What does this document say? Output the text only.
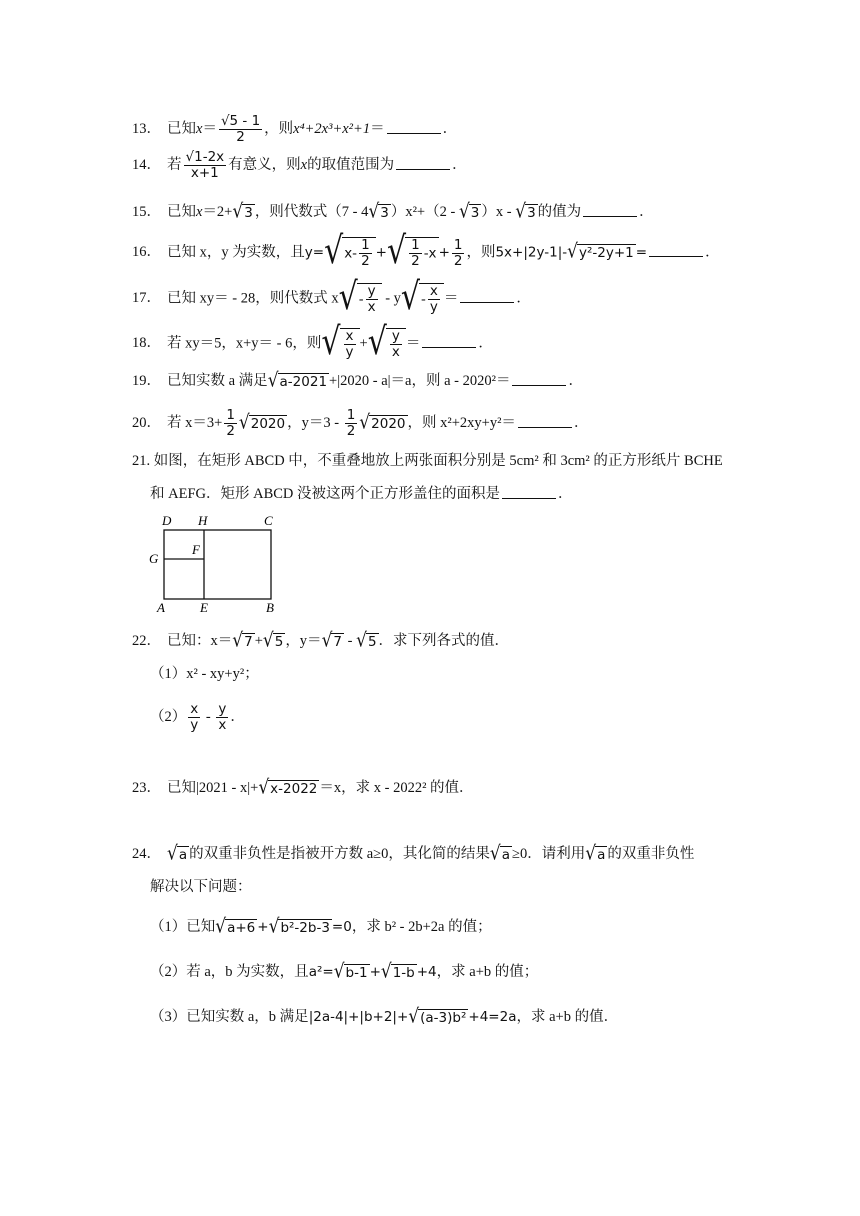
13． 已知$x= \frac{√5 - 1}{2}$ ，则x⁴+2x³+x²+1＝	．
14． 若 $\frac{√1-2x}{x+1}$ 有意义，则x的取值范围为	．
15． 已知x＝2+ √ 3 ，则代数式（7 - 4 √ 3 ）x²+（2 - √ 3 ）x - √ 3 的值为	．
16． 已知 x，y 为实数，且y= √ $x- \frac{1}{2}$ + √ $\frac{1}{2} -x + \frac{1}{2}$ ，则5x+|2y-1|- √ y²-2y+1 =	．
17． 已知 xy＝ - 28，则代数式 x √ - $\frac{y}{x}$ - y √ - $\frac{x}{y}$ ＝	．
18． 若 xy＝5，x+y＝ - 6，则 √ $\frac{x}{y}$ + √ $\frac{y}{x}$ ＝	．
19． 已知实数 a 满足 √ a-2021 +|2020 - a|＝a，则 a - 2020²＝	．
20． 若 $x=3+ \frac{1}{2}$ √ 2020 ，$y=3 - \frac{1}{2}$ √ 2020 ，则 x²+2xy+y²＝	．
21. 如图，在矩形 ABCD 中，不重叠地放上两张面积分别是 5cm² 和 3cm² 的正方形纸片 BCHE
和 AEFG．矩形 ABCD 没被这两个正方形盖住的面积是	．
D H	C
G
F
A	E	B
22． 已知：x＝ √ 7 + √ 5 ，y＝ √ 7 - √ 5 ．求下列各式的值．
（1）x² - xy+y²；
$(2) \frac{x}{y} - \frac{y}{x}$ ．
23． 已知|2021 - x|+ √ x-2022 ＝x，求 x - 2022² 的值．
24． √ a 的双重非负性是指被开方数 a≥0，其化简的结果 √ a ≥0．请利用 √ a 的双重非负性
解决以下问题：
（1）已知 √ a+6 + √ b²-2b-3 =0，求 b² - 2b+2a 的值；
（2）若 a，b 为实数，且a²= √ b-1 + √ 1-b +4，求 a+b 的值；
（3）已知实数 a，b 满足|2a-4|+|b+2|+ √ (a-3)b² +4=2a，求 a+b 的值．
